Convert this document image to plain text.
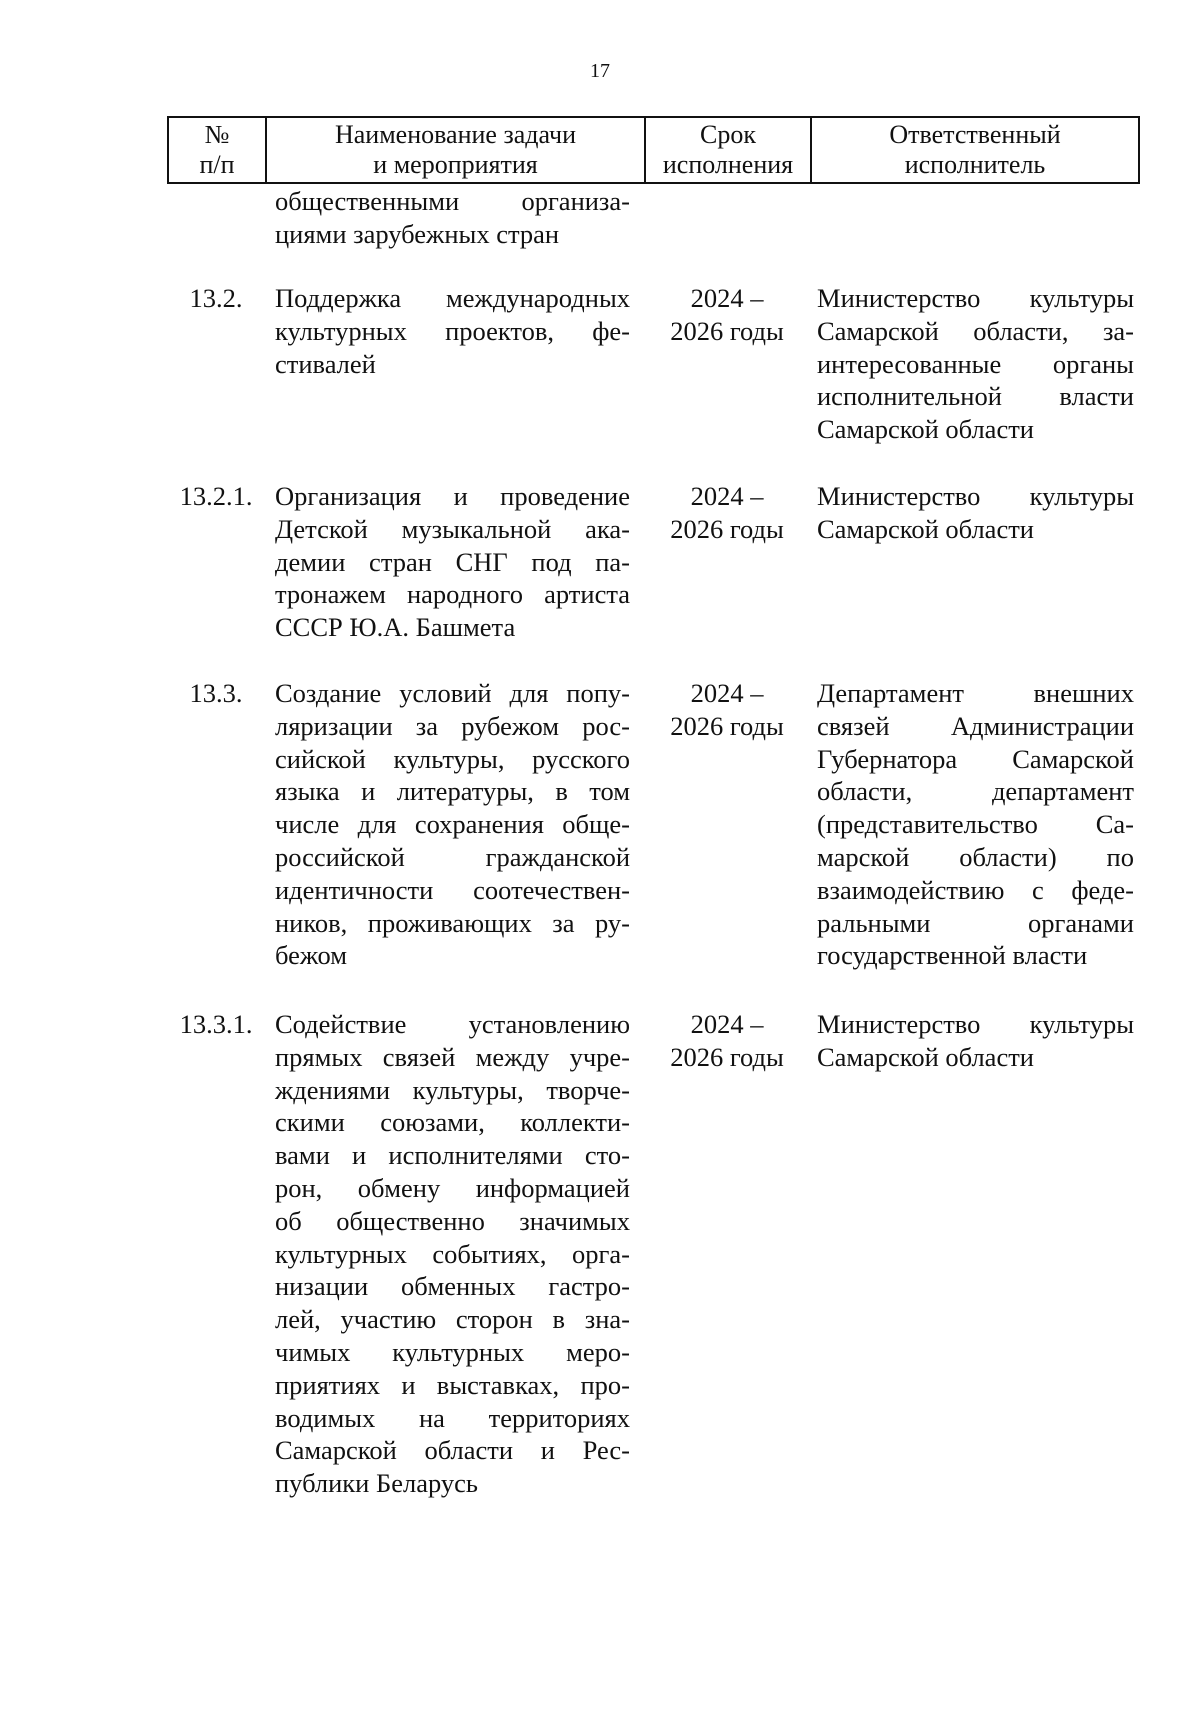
17
№
п/п
Наименование задачи
и мероприятия
Срок
исполнения
Ответственный
исполнитель
общественными организа-
циями зарубежных стран
13.2.	Поддержка международных
культурных проектов, фе-
стивалей
2024 –
2026 годы
Министерство культуры
Самарской области, за-
интересованные органы
исполнительной власти
Самарской области
13.2.1. Организация и проведение
Детской музыкальной ака-
демии стран СНГ под па-
тронажем народного артиста
СССР Ю.А. Башмета
2024 –
2026 годы
Министерство культуры
Самарской области
13.3.	Создание условий для попу-
ляризации за рубежом рос-
сийской культуры, русского
языка и литературы, в том
числе для сохранения обще-
российской гражданской
идентичности соотечествен-
ников, проживающих за ру-
бежом
2024 –
2026 годы
Департамент внешних
связей Администрации
Губернатора Самарской
области, департамент
(представительство Са-
марской области) по
взаимодействию с феде-
ральными органами
государственной власти
13.3.1. Содействие установлению
прямых связей между учре-
ждениями культуры, творче-
скими союзами, коллекти-
вами и исполнителями сто-
рон, обмену информацией
об общественно значимых
культурных событиях, орга-
низации обменных гастро-
лей, участию сторон в зна-
чимых культурных меро-
приятиях и выставках, про-
водимых на территориях
Самарской области и Рес-
публики Беларусь
2024 –
2026 годы
Министерство культуры
Самарской области
